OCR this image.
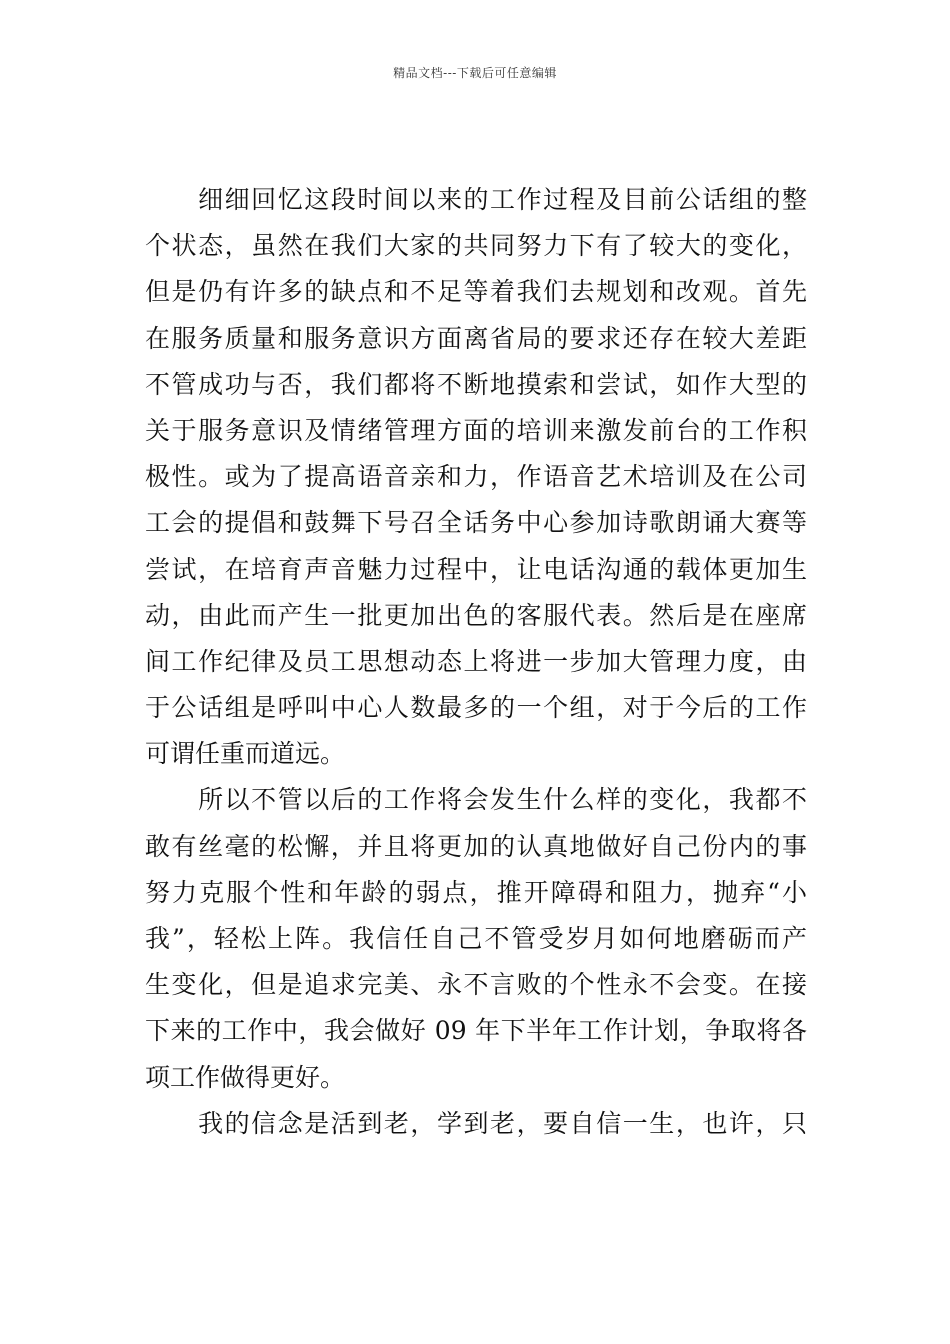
精品文档---下载后可任意编辑
　　细细回忆这段时间以来的工作过程及目前公话组的整
个状态，虽然在我们大家的共同努力下有了较大的变化，
但是仍有许多的缺点和不足等着我们去规划和改观。首先
在服务质量和服务意识方面离省局的要求还存在较大差距
不管成功与否，我们都将不断地摸索和尝试，如作大型的
关于服务意识及情绪管理方面的培训来激发前台的工作积
极性。或为了提高语音亲和力，作语音艺术培训及在公司
工会的提倡和鼓舞下号召全话务中心参加诗歌朗诵大赛等
尝试，在培育声音魅力过程中，让电话沟通的载体更加生
动，由此而产生一批更加出色的客服代表。然后是在座席
间工作纪律及员工思想动态上将进一步加大管理力度，由
于公话组是呼叫中心人数最多的一个组，对于今后的工作
可谓任重而道远。
　　所以不管以后的工作将会发生什么样的变化，我都不
敢有丝毫的松懈，并且将更加的认真地做好自己份内的事
努力克服个性和年龄的弱点，推开障碍和阻力，抛弃“小
我”，轻松上阵。我信任自己不管受岁月如何地磨砺而产
生变化，但是追求完美、永不言败的个性永不会变。在接
下来的工作中，我会做好 09 年下半年工作计划，争取将各
项工作做得更好。
　　我的信念是活到老，学到老，要自信一生，也许，只
